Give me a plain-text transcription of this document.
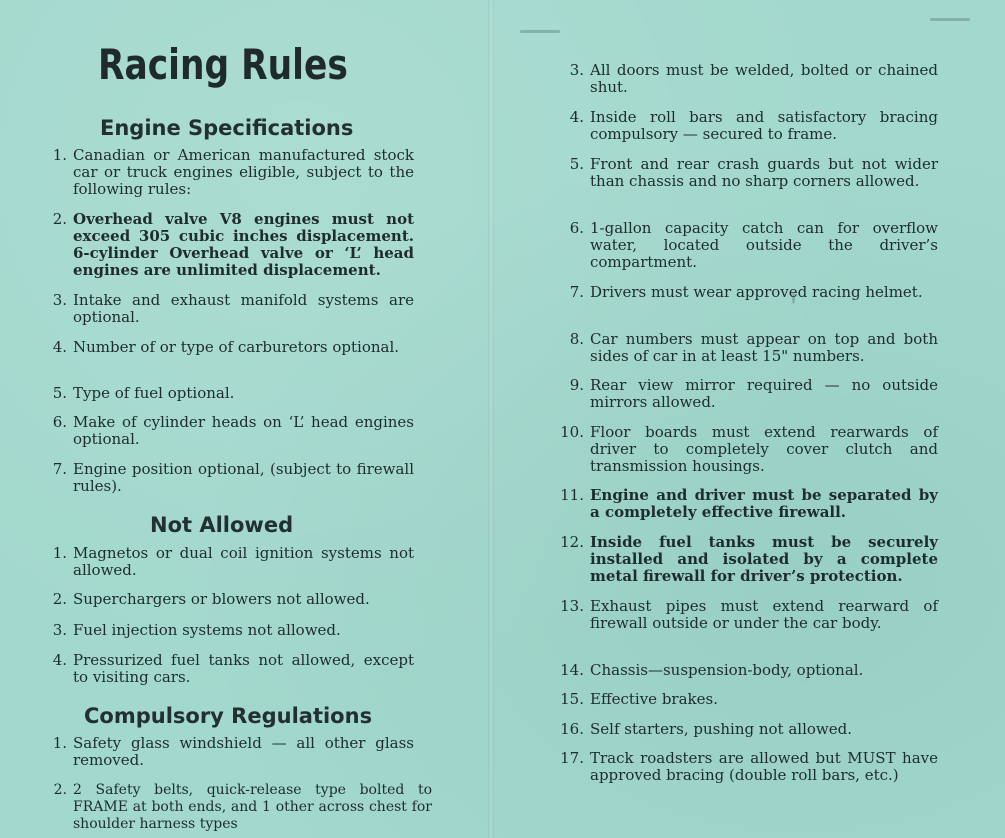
Racing Rules
Engine Specifications
1. Canadian or American manufactured stock car or truck engines eligible, subject to the following rules:
2. Overhead valve V8 engines must not exceed 305 cubic inches displacement. 6-cylinder Overhead valve or ‘L’ head engines are unlimited displacement.
3. Intake and exhaust manifold systems are optional.
4. Number of or type of carburetors optional.
5. Type of fuel optional.
6. Make of cylinder heads on ‘L’ head engines optional.
7. Engine position optional, (subject to firewall rules).
Not Allowed
1. Magnetos or dual coil ignition systems not allowed.
2. Superchargers or blowers not allowed.
3. Fuel injection systems not allowed.
4. Pressurized fuel tanks not allowed, except to visiting cars.
Compulsory Regulations
1. Safety glass windshield — all other glass removed.
2. 2 Safety belts, quick-release type bolted to FRAME at both ends, and 1 other across chest for shoulder harness types
3. All doors must be welded, bolted or chained shut.
4. Inside roll bars and satisfactory bracing compulsory — secured to frame.
5. Front and rear crash guards but not wider than chassis and no sharp corners allowed.
6. 1-gallon capacity catch can for overflow water, located outside the driver’s compartment.
7. Drivers must wear approved racing helmet.
8. Car numbers must appear on top and both sides of car in at least 15" numbers.
9. Rear view mirror required — no outside mirrors allowed.
10. Floor boards must extend rearwards of driver to completely cover clutch and transmission housings.
11. Engine and driver must be separated by a completely effective firewall.
12. Inside fuel tanks must be securely installed and isolated by a complete metal firewall for driver’s protection.
13. Exhaust pipes must extend rearward of firewall outside or under the car body.
14. Chassis—suspension-body, optional.
15. Effective brakes.
16. Self starters, pushing not allowed.
17. Track roadsters are allowed but MUST have approved bracing (double roll bars, etc.)
